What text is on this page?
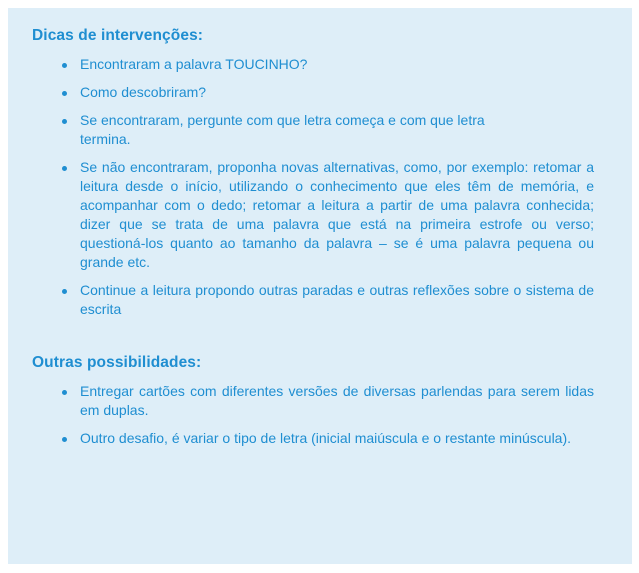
Dicas de intervenções:
Encontraram a palavra TOUCINHO?
Como descobriram?
Se encontraram, pergunte com que letra começa e com que letra termina.
Se não encontraram, proponha novas alternativas, como, por exemplo: retomar a leitura desde o início, utilizando o conhecimento que eles têm de memória, e acompanhar com o dedo; retomar a leitura a partir de uma palavra conhecida; dizer que se trata de uma palavra que está na primeira estrofe ou verso; questioná-los quanto ao tamanho da palavra – se é uma palavra pequena ou grande etc.
Continue a leitura propondo outras paradas e outras reflexões sobre o sistema de escrita
Outras possibilidades:
Entregar cartões com diferentes versões de diversas parlendas para serem lidas em duplas.
Outro desafio, é variar o tipo de letra (inicial maiúscula e o restante minúscula).
